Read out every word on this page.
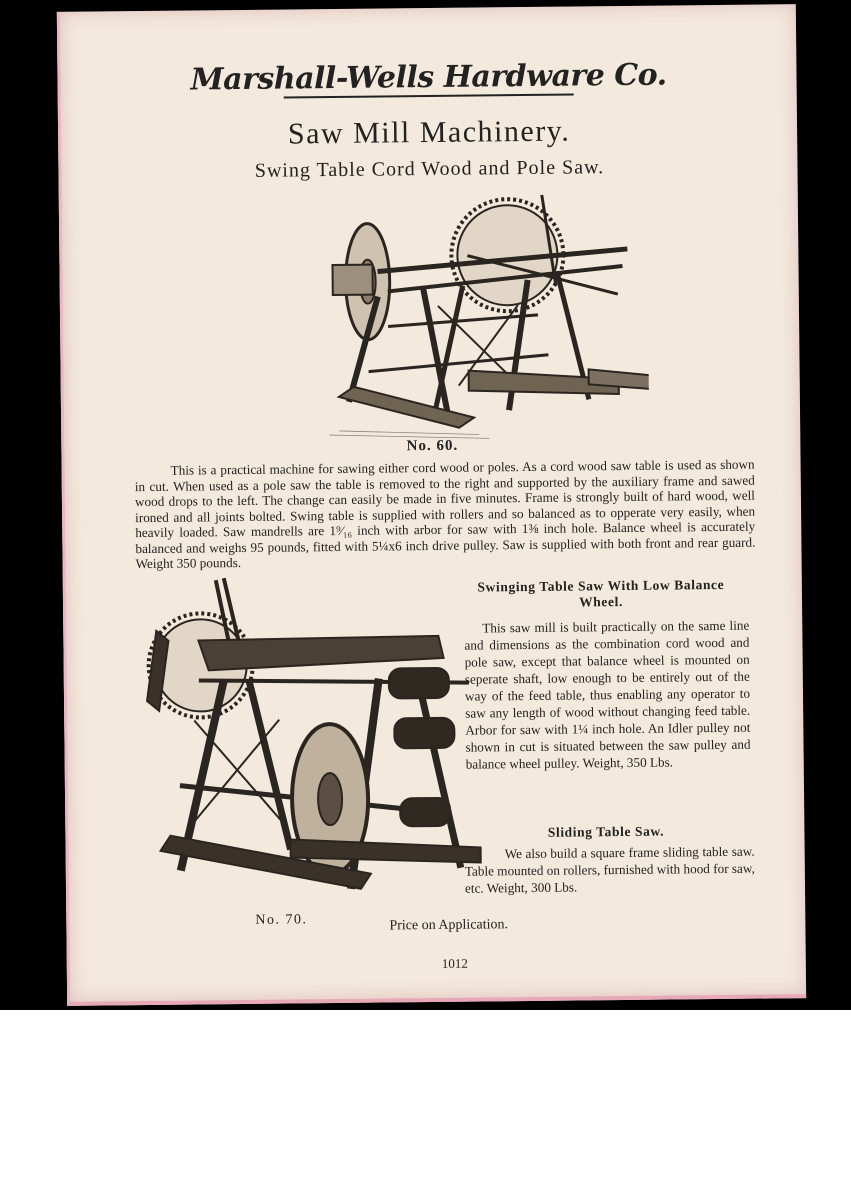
Marshall-Wells Hardware Co.
Saw Mill Machinery.
Swing Table Cord Wood and Pole Saw.
No. 60.
This is a practical machine for sawing either cord wood or poles. As a cord wood saw table is used as shown in cut. When used as a pole saw the table is removed to the right and supported by the auxiliary frame and sawed wood drops to the left. The change can easily be made in five minutes. Frame is strongly built of hard wood, well ironed and all joints bolted. Swing table is supplied with rollers and so balanced as to opperate very easily, when heavily loaded. Saw mandrells are 1⁹⁄₁₆ inch with arbor for saw with 1⅜ inch hole. Balance wheel is accurately balanced and weighs 95 pounds, fitted with 5¼x6 inch drive pulley. Saw is supplied with both front and rear guard. Weight 350 pounds.
Swinging Table Saw With Low Balance Wheel.
This saw mill is built practically on the same line and dimensions as the combination cord wood and pole saw, except that balance wheel is mounted on seperate shaft, low enough to be entirely out of the way of the feed table, thus enabling any operator to saw any length of wood without changing feed table. Arbor for saw with 1¼ inch hole. An Idler pulley not shown in cut is situated between the saw pulley and balance wheel pulley. Weight, 350 Lbs.
Sliding Table Saw.
We also build a square frame sliding table saw. Table mounted on rollers, furnished with hood for saw, etc. Weight, 300 Lbs.
No. 70.	Price on Application.
1012
